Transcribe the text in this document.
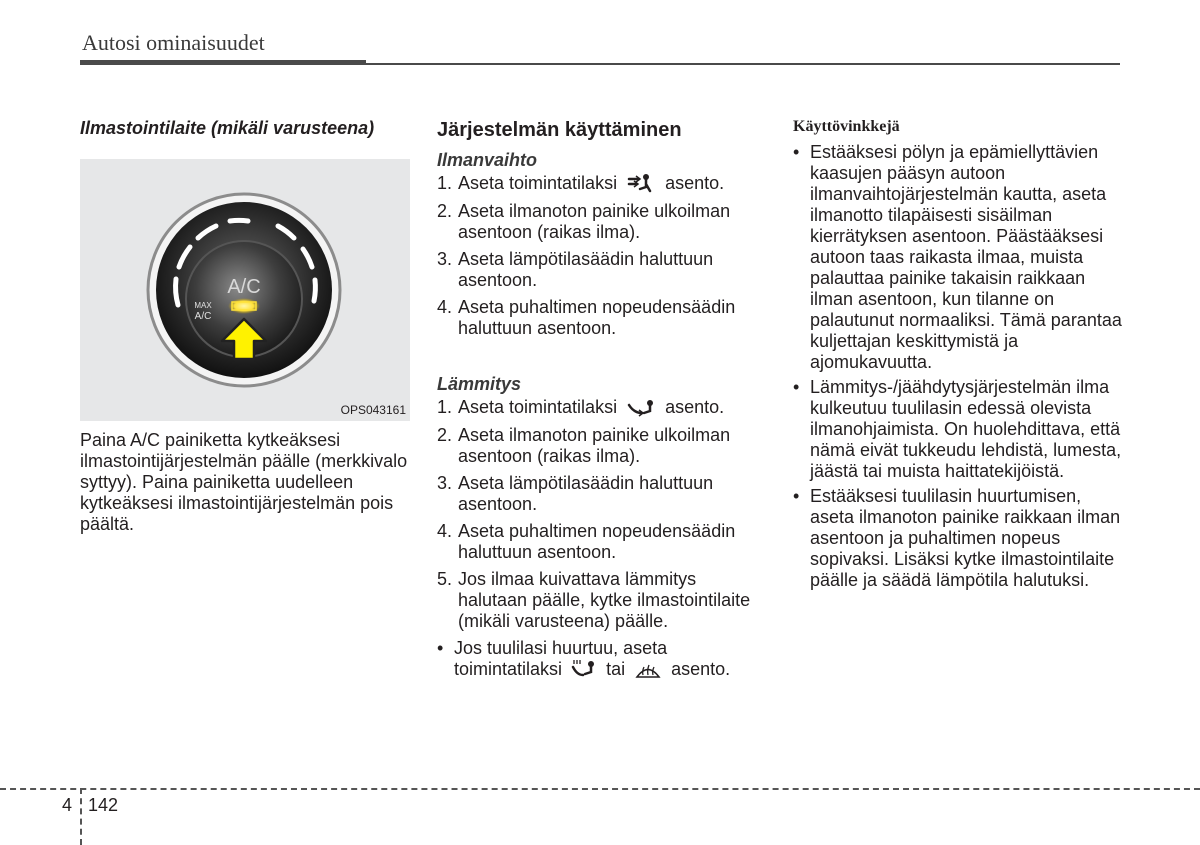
Autosi ominaisuudet

Ilmastointilaite (mikäli varusteena)

A/C
MAX
A/C
OPS043161

Paina A/C painiketta kytkeäksesi ilmastointijärjestelmän päälle (merkkivalo syttyy). Paina painiketta uudelleen kytkeäksesi ilmastointijärjestelmän pois päältä.

Järjestelmän käyttäminen

Ilmanvaihto

1. Aseta toimintatilaksi	asento.
2. Aseta ilmanoton painike ulkoilman asentoon (raikas ilma).
3. Aseta lämpötilasäädin haluttuun asentoon.
4. Aseta puhaltimen nopeudensäädin haluttuun asentoon.

Lämmitys

1. Aseta toimintatilaksi	asento.
2. Aseta ilmanoton painike ulkoilman asentoon (raikas ilma).
3. Aseta lämpötilasäädin haluttuun asentoon.
4. Aseta puhaltimen nopeudensäädin haluttuun asentoon.
5. Jos ilmaa kuivattava lämmitys halutaan päälle, kytke ilmastointilaite (mikäli varusteena) päälle.
• Jos tuulilasi huurtuu, aseta toimintatilaksi tai	asento.

Käyttövinkkejä

• Estääksesi pölyn ja epämiellyttävien kaasujen pääsyn autoon ilmanvaihtojärjestelmän kautta, aseta ilmanotto tilapäisesti sisäilman kierrätyksen asentoon. Päästääksesi autoon taas raikasta ilmaa, muista palauttaa painike takaisin raikkaan ilman asentoon, kun tilanne on palautunut normaaliksi. Tämä parantaa kuljettajan keskittymistä ja ajomukavuutta.
• Lämmitys-/jäähdytysjärjestelmän ilma kulkeutuu tuulilasin edessä olevista ilmanohjaimista. On huolehdittava, että nämä eivät tukkeudu lehdistä, lumesta, jäästä tai muista haittatekijöistä.
• Estääksesi tuulilasin huurtumisen, aseta ilmanoton painike raikkaan ilman asentoon ja puhaltimen nopeus sopivaksi. Lisäksi kytke ilmastointilaite päälle ja säädä lämpötila halutuksi.
4 142
